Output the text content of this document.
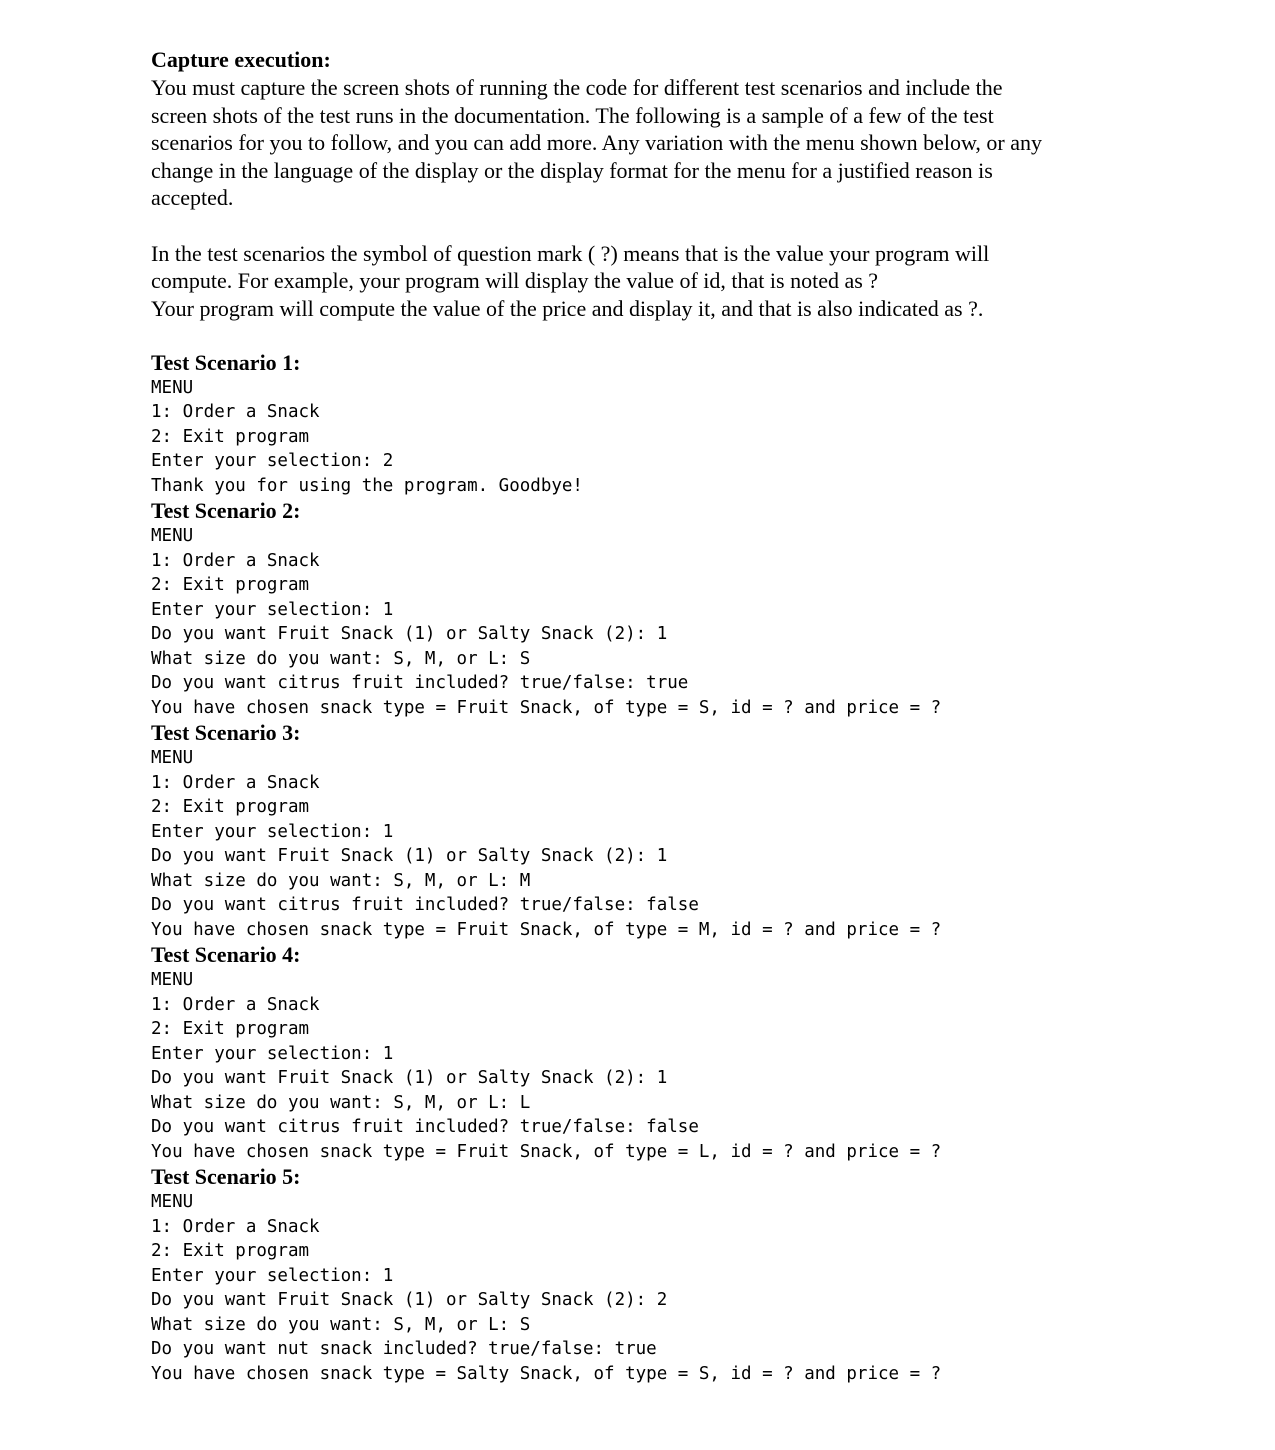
Capture execution:

You must capture the screen shots of running the code for different test scenarios and include the
screen shots of the test runs in the documentation. The following is a sample of a few of the test
scenarios for you to follow, and you can add more. Any variation with the menu shown below, or any
change in the language of the display or the display format for the menu for a justified reason is
accepted.

In the test scenarios the symbol of question mark ( ?) means that is the value your program will
compute. For example, your program will display the value of id, that is noted as ?
Your program will compute the value of the price and display it, and that is also indicated as ?.

Test Scenario 1:

MENU
1: Order a Snack
2: Exit program
Enter your selection: 2
Thank you for using the program. Goodbye!

Test Scenario 2:

MENU
1: Order a Snack
2: Exit program
Enter your selection: 1
Do you want Fruit Snack (1) or Salty Snack (2): 1
What size do you want: S, M, or L: S
Do you want citrus fruit included? true/false: true
You have chosen snack type = Fruit Snack, of type = S, id = ? and price = ?

Test Scenario 3:

MENU
1: Order a Snack
2: Exit program
Enter your selection: 1
Do you want Fruit Snack (1) or Salty Snack (2): 1
What size do you want: S, M, or L: M
Do you want citrus fruit included? true/false: false
You have chosen snack type = Fruit Snack, of type = M, id = ? and price = ?

Test Scenario 4:

MENU
1: Order a Snack
2: Exit program
Enter your selection: 1
Do you want Fruit Snack (1) or Salty Snack (2): 1
What size do you want: S, M, or L: L
Do you want citrus fruit included? true/false: false
You have chosen snack type = Fruit Snack, of type = L, id = ? and price = ?

Test Scenario 5:

MENU
1: Order a Snack
2: Exit program
Enter your selection: 1
Do you want Fruit Snack (1) or Salty Snack (2): 2
What size do you want: S, M, or L: S
Do you want nut snack included? true/false: true
You have chosen snack type = Salty Snack, of type = S, id = ? and price = ?
